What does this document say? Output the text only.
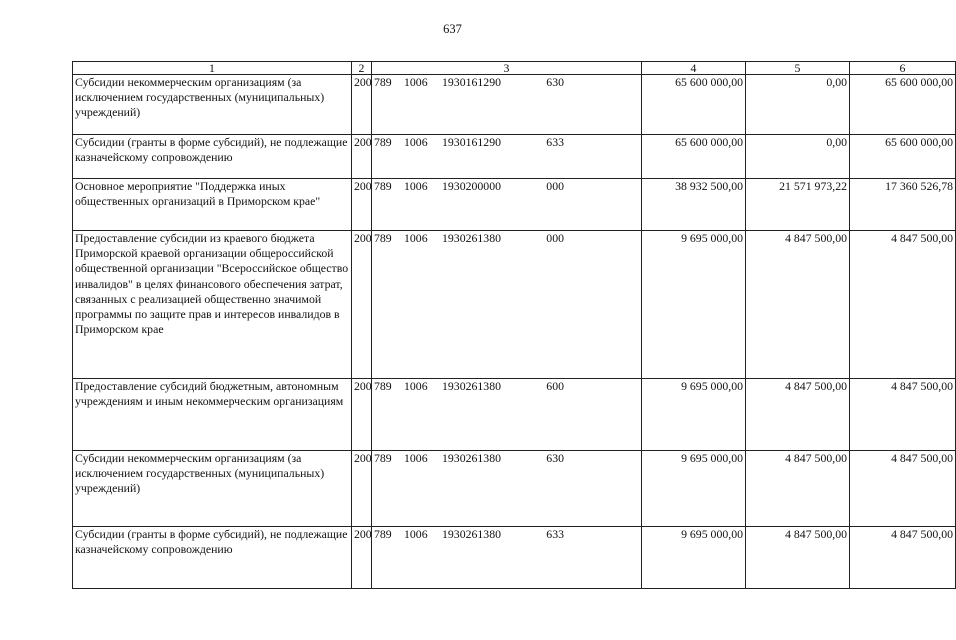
637
1	2	3	4	5	6
Субсидии некоммерческим организациям (за исключением государственных (муниципальных) учреждений)	200	789 1006 1930161290 630	65 600 000,00	0,00	65 600 000,00
Субсидии (гранты в форме субсидий), не подлежащие казначейскому сопровождению	200	789 1006 1930161290 633	65 600 000,00	0,00	65 600 000,00
Основное мероприятие "Поддержка иных общественных организаций в Приморском крае"	200	789 1006 1930200000 000	38 932 500,00	21 571 973,22	17 360 526,78
Предоставление субсидии из краевого бюджета Приморской краевой организации общероссийской общественной организации "Всероссийское общество инвалидов" в целях финансового обеспечения затрат, связанных с реализацией общественно значимой программы по защите прав и интересов инвалидов в Приморском крае	200	789 1006 1930261380 000	9 695 000,00	4 847 500,00	4 847 500,00
Предоставление субсидий бюджетным, автономным учреждениям и иным некоммерческим организациям	200	789 1006 1930261380 600	9 695 000,00	4 847 500,00	4 847 500,00
Субсидии некоммерческим организациям (за исключением государственных (муниципальных) учреждений)	200	789 1006 1930261380 630	9 695 000,00	4 847 500,00	4 847 500,00
Субсидии (гранты в форме субсидий), не подлежащие казначейскому сопровождению	200	789 1006 1930261380 633	9 695 000,00	4 847 500,00	4 847 500,00
